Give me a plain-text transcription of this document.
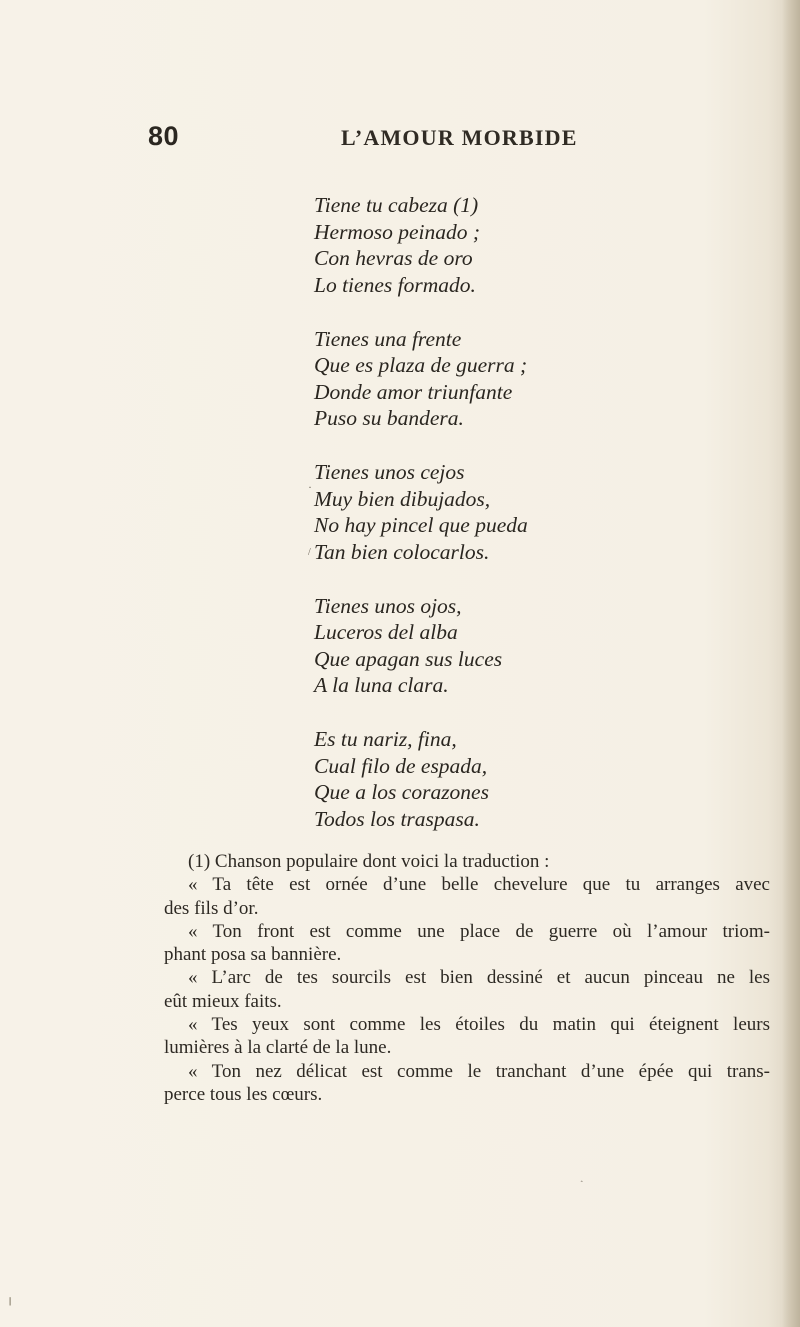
80	L’AMOUR MORBIDE

Tiene tu cabeza (1)
Hermoso peinado ;
Con hevras de oro
Lo tienes formado.

Tienes una frente
Que es plaza de guerra ;
Donde amor triunfante
Puso su bandera.

Tienes unos cejos
Muy bien dibujados,
No hay pincel que pueda
Tan bien colocarlos.

Tienes unos ojos,
Luceros del alba
Que apagan sus luces
A la luna clara.

Es tu nariz, fina,
Cual filo de espada,
Que a los corazones
Todos los traspasa.

(1) Chanson populaire dont voici la traduction :
« Ta tête est ornée d’une belle chevelure que tu arranges avec
des fils d’or.
« Ton front est comme une place de guerre où l’amour triom-
phant posa sa bannière.
« L’arc de tes sourcils est bien dessiné et aucun pinceau ne les
eût mieux faits.
« Tes yeux sont comme les étoiles du matin qui éteignent leurs
lumières à la clarté de la lune.
« Ton nez délicat est comme le tranchant d’une épée qui trans-
perce tous les cœurs.
·
/
˰
╷
